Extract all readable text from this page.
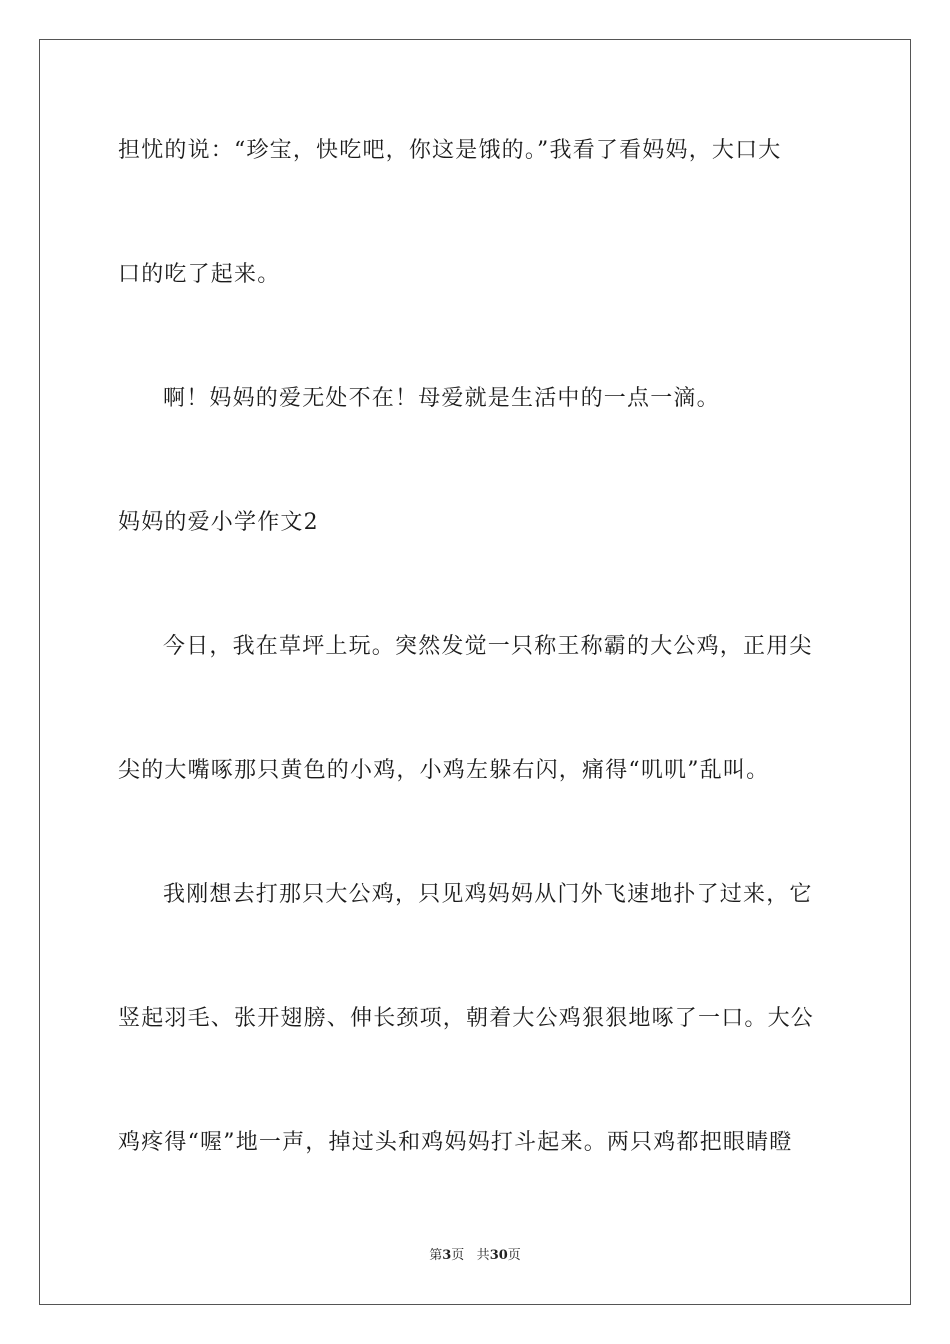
担忧的说：“珍宝，快吃吧，你这是饿的。”我看了看妈妈，大口大
口的吃了起来。
啊！妈妈的爱无处不在！母爱就是生活中的一点一滴。
妈妈的爱小学作文2
今日，我在草坪上玩。突然发觉一只称王称霸的大公鸡，正用尖
尖的大嘴啄那只黄色的小鸡，小鸡左躲右闪，痛得“叽叽”乱叫。
我刚想去打那只大公鸡，只见鸡妈妈从门外飞速地扑了过来，它
竖起羽毛、张开翅膀、伸长颈项，朝着大公鸡狠狠地啄了一口。大公
鸡疼得“喔”地一声，掉过头和鸡妈妈打斗起来。两只鸡都把眼睛瞪
第3页 共30页
